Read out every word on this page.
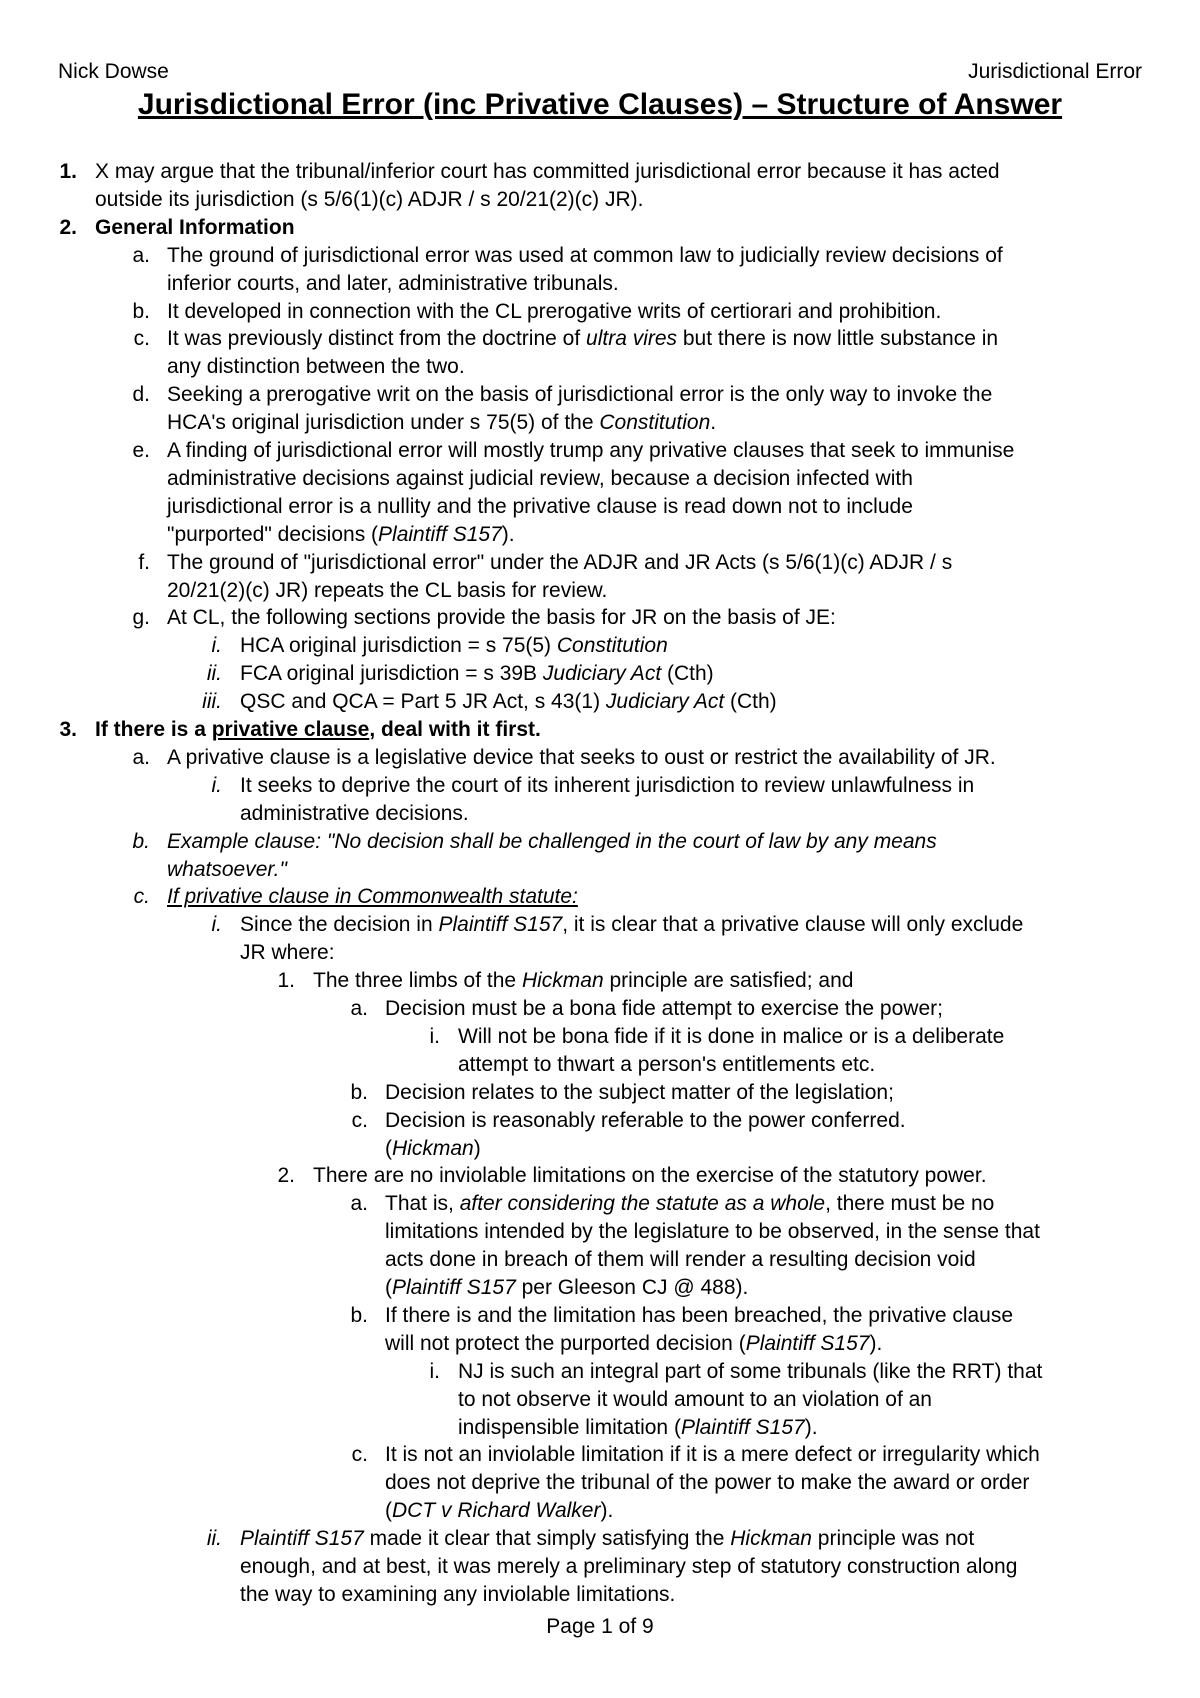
Nick Dowse	Jurisdictional Error
Jurisdictional Error (inc Privative Clauses) – Structure of Answer
1. X may argue that the tribunal/inferior court has committed jurisdictional error because it has acted
outside its jurisdiction (s 5/6(1)(c) ADJR / s 20/21(2)(c) JR).
2. General Information
a. The ground of jurisdictional error was used at common law to judicially review decisions of
inferior courts, and later, administrative tribunals.
b. It developed in connection with the CL prerogative writs of certiorari and prohibition.
c. It was previously distinct from the doctrine of ultra vires but there is now little substance in
any distinction between the two.
d. Seeking a prerogative writ on the basis of jurisdictional error is the only way to invoke the
HCA's original jurisdiction under s 75(5) of the Constitution.
e. A finding of jurisdictional error will mostly trump any privative clauses that seek to immunise
administrative decisions against judicial review, because a decision infected with
jurisdictional error is a nullity and the privative clause is read down not to include
"purported" decisions (Plaintiff S157).
f. The ground of "jurisdictional error" under the ADJR and JR Acts (s 5/6(1)(c) ADJR / s
20/21(2)(c) JR) repeats the CL basis for review.
g. At CL, the following sections provide the basis for JR on the basis of JE:
i. HCA original jurisdiction = s 75(5) Constitution
ii. FCA original jurisdiction = s 39B Judiciary Act (Cth)
iii. QSC and QCA = Part 5 JR Act, s 43(1) Judiciary Act (Cth)
3. If there is a privative clause, deal with it first.
a. A privative clause is a legislative device that seeks to oust or restrict the availability of JR.
i. It seeks to deprive the court of its inherent jurisdiction to review unlawfulness in
administrative decisions.
b. Example clause: "No decision shall be challenged in the court of law by any means
whatsoever."
c. If privative clause in Commonwealth statute:
i. Since the decision in Plaintiff S157, it is clear that a privative clause will only exclude
JR where:
1. The three limbs of the Hickman principle are satisfied; and
a. Decision must be a bona fide attempt to exercise the power;
i. Will not be bona fide if it is done in malice or is a deliberate
attempt to thwart a person's entitlements etc.
b. Decision relates to the subject matter of the legislation;
c. Decision is reasonably referable to the power conferred.
(Hickman)
2. There are no inviolable limitations on the exercise of the statutory power.
a. That is, after considering the statute as a whole, there must be no
limitations intended by the legislature to be observed, in the sense that
acts done in breach of them will render a resulting decision void
(Plaintiff S157 per Gleeson CJ @ 488).
b. If there is and the limitation has been breached, the privative clause
will not protect the purported decision (Plaintiff S157).
i. NJ is such an integral part of some tribunals (like the RRT) that
to not observe it would amount to an violation of an
indispensible limitation (Plaintiff S157).
c. It is not an inviolable limitation if it is a mere defect or irregularity which
does not deprive the tribunal of the power to make the award or order
(DCT v Richard Walker).
ii. Plaintiff S157 made it clear that simply satisfying the Hickman principle was not
enough, and at best, it was merely a preliminary step of statutory construction along
the way to examining any inviolable limitations.
Page 1 of 9
